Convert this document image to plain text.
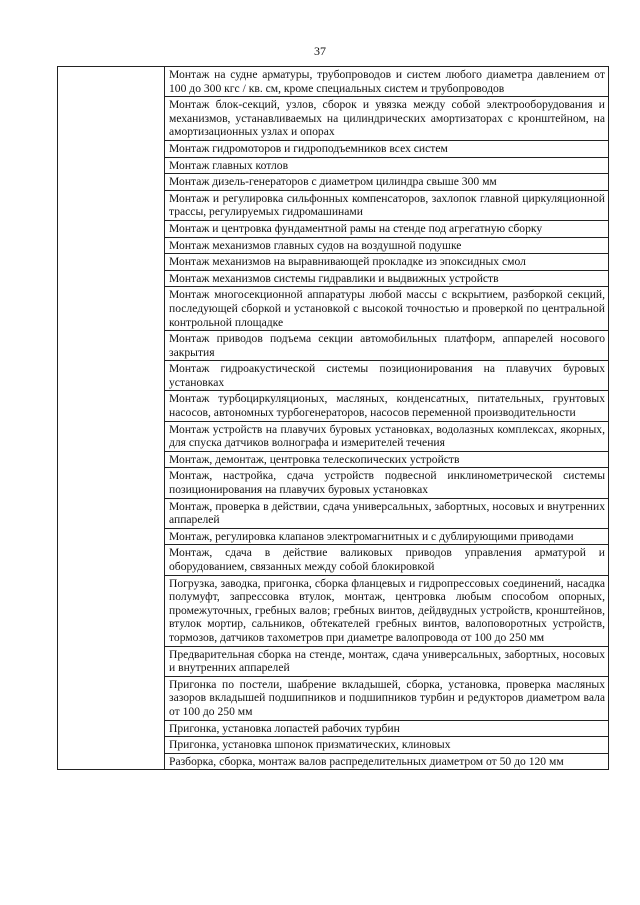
37
	Монтаж на судне арматуры, трубопроводов и систем любого диаметра давлением от 100 до 300 кгс / кв. см, кроме специальных систем и трубопроводов
Монтаж блок-секций, узлов, сборок и увязка между собой электрооборудования и механизмов, устанавливаемых на цилиндрических амортизаторах с кронштейном, на амортизационных узлах и опорах
Монтаж гидромоторов и гидроподъемников всех систем
Монтаж главных котлов
Монтаж дизель-генераторов с диаметром цилиндра свыше 300 мм
Монтаж и регулировка сильфонных компенсаторов, захлопок главной циркуляционной трассы, регулируемых гидромашинами
Монтаж и центровка фундаментной рамы на стенде под агрегатную сборку
Монтаж механизмов главных судов на воздушной подушке
Монтаж механизмов на выравнивающей прокладке из эпоксидных смол
Монтаж механизмов системы гидравлики и выдвижных устройств
Монтаж многосекционной аппаратуры любой массы с вскрытием, разборкой секций, последующей сборкой и установкой с высокой точностью и проверкой по центральной контрольной площадке
Монтаж приводов подъема секции автомобильных платформ, аппарелей носового закрытия
Монтаж гидроакустической системы позиционирования на плавучих буровых установках
Монтаж турбоциркуляционых, масляных, конденсатных, питательных, грунтовых насосов, автономных турбогенераторов, насосов переменной производительности
Монтаж устройств на плавучих буровых установках, водолазных комплексах, якорных, для спуска датчиков волнографа и измерителей течения
Монтаж, демонтаж, центровка телескопических устройств
Монтаж, настройка, сдача устройств подвесной инклинометрической системы позиционирования на плавучих буровых установках
Монтаж, проверка в действии, сдача универсальных, забортных, носовых и внутренних аппарелей
Монтаж, регулировка клапанов электромагнитных и с дублирующими приводами
Монтаж, сдача в действие валиковых приводов управления арматурой и оборудованием, связанных между собой блокировкой
Погрузка, заводка, пригонка, сборка фланцевых и гидропрессовых соединений, насадка полумуфт, запрессовка втулок, монтаж, центровка любым способом опорных, промежуточных, гребных валов; гребных винтов, дейдвудных устройств, кронштейнов, втулок мортир, сальников, обтекателей гребных винтов, валоповоротных устройств, тормозов, датчиков тахометров при диаметре валопровода от 100 до 250 мм
Предварительная сборка на стенде, монтаж, сдача универсальных, забортных, носовых и внутренних аппарелей
Пригонка по постели, шабрение вкладышей, сборка, установка, проверка масляных зазоров вкладышей подшипников и подшипников турбин и редукторов диаметром вала от 100 до 250 мм
Пригонка, установка лопастей рабочих турбин
Пригонка, установка шпонок призматических, клиновых
Разборка, сборка, монтаж валов распределительных диаметром от 50 до 120 мм
